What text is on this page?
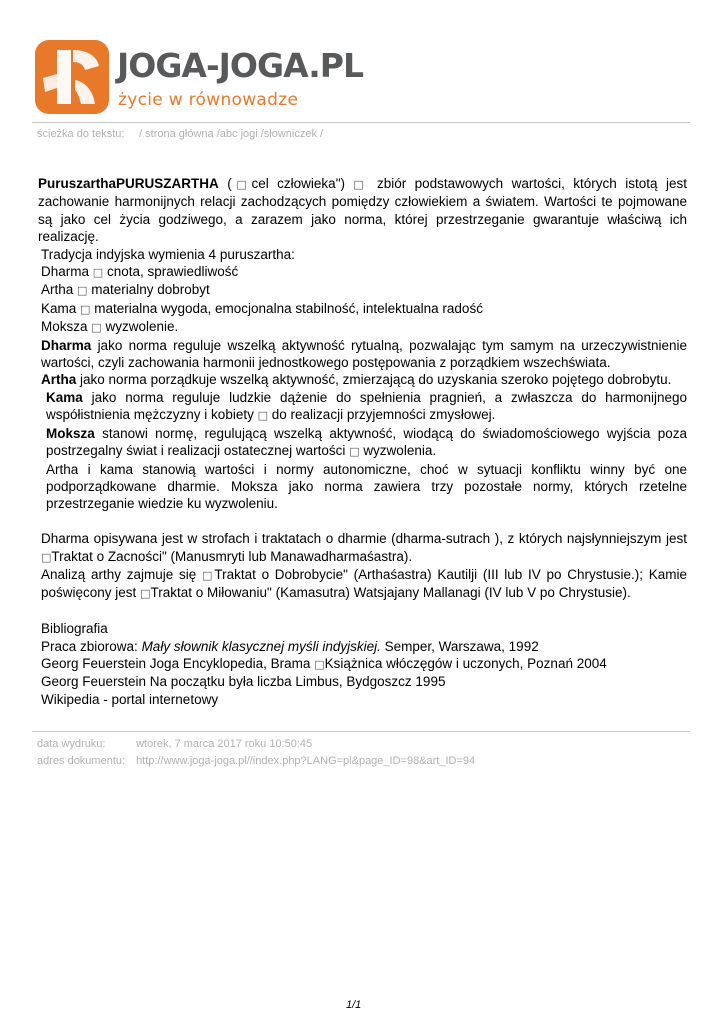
JOGA-JOGA.PL
życie w równowadze
ścieżka do tekstu: / strona główna /abc jogi /słowniczek /

PuruszarthaPURUSZARTHA (□cel człowieka") □ zbiór podstawowych wartości, których istotą jest zachowanie harmonijnych relacji zachodzących pomiędzy człowiekiem a światem. Wartości te pojmowane są jako cel życia godziwego, a zarazem jako norma, której przestrzeganie gwarantuje właściwą ich realizację.

Tradycja indyjska wymienia 4 puruszartha:

Dharma □ cnota, sprawiedliwość

Artha □ materialny dobrobyt

Kama □ materialna wygoda, emocjonalna stabilność, intelektualna radość

Moksza □ wyzwolenie.

Dharma jako norma reguluje wszelką aktywność rytualną, pozwalając tym samym na urzeczywistnienie wartości, czyli zachowania harmonii jednostkowego postępowania z porządkiem wszechświata.

Artha jako norma porządkuje wszelką aktywność, zmierzającą do uzyskania szeroko pojętego dobrobytu.

Kama jako norma reguluje ludzkie dążenie do spełnienia pragnień, a zwłaszcza do harmonijnego współistnienia mężczyzny i kobiety □ do realizacji przyjemności zmysłowej.

Moksza stanowi normę, regulującą wszelką aktywność, wiodącą do świadomościowego wyjścia poza postrzegalny świat i realizacji ostatecznej wartości □ wyzwolenia.

Artha i kama stanowią wartości i normy autonomiczne, choć w sytuacji konfliktu winny być one podporządkowane dharmie. Moksza jako norma zawiera trzy pozostałe normy, których rzetelne przestrzeganie wiedzie ku wyzwoleniu.

Dharma opisywana jest w strofach i traktatach o dharmie (dharma-sutrach ), z których najsłynniejszym jest □Traktat o Zacności" (Manusmryti lub Manawadharmaśastra).

Analizą arthy zajmuje się □Traktat o Dobrobycie" (Arthaśastra) Kautilji (III lub IV po Chrystusie.); Kamie poświęcony jest □Traktat o Miłowaniu" (Kamasutra) Watsjajany Mallanagi (IV lub V po Chrystusie).

Bibliografia

Praca zbiorowa: Mały słownik klasycznej myśli indyjskiej. Semper, Warszawa, 1992

Georg Feuerstein Joga Encyklopedia, Brama □Książnica włóczęgów i uczonych, Poznań 2004

Georg Feuerstein Na początku była liczba Limbus, Bydgoszcz 1995

Wikipedia - portal internetowy

data wydruku:	wtorek, 7 marca 2017 roku 10:50:45
adres dokumentu: http://www.joga-joga.pl//index.php?LANG=pl&page_ID=98&art_ID=94
1/1
